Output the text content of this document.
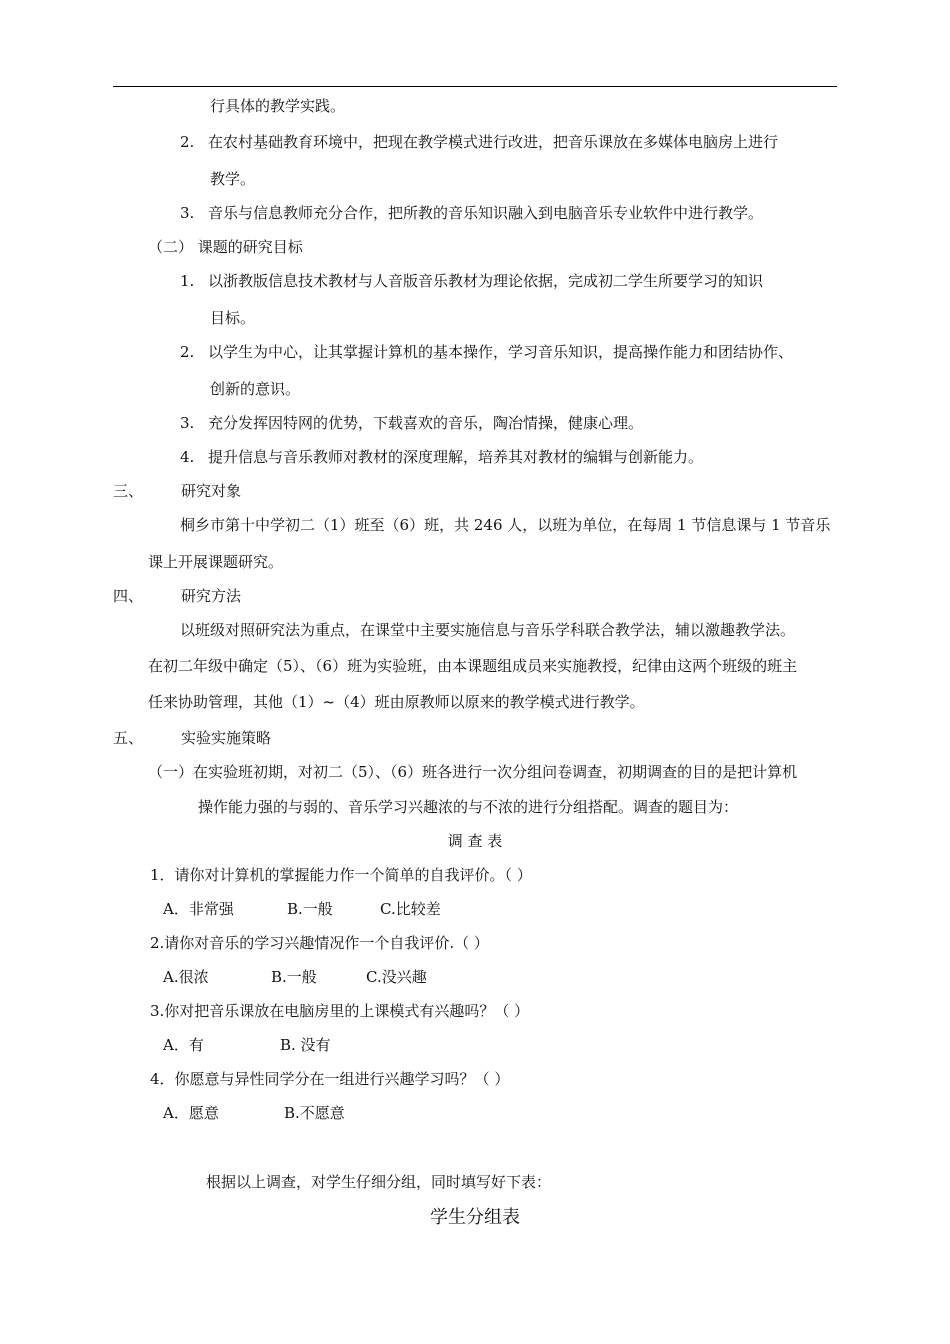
行具体的教学实践。
2. 在农村基础教育环境中，把现在教学模式进行改进，把音乐课放在多媒体电脑房上进行
教学。
3. 音乐与信息教师充分合作，把所教的音乐知识融入到电脑音乐专业软件中进行教学。
（二） 课题的研究目标
1. 以浙教版信息技术教材与人音版音乐教材为理论依据，完成初二学生所要学习的知识
目标。
2. 以学生为中心，让其掌握计算机的基本操作，学习音乐知识，提高操作能力和团结协作、
创新的意识。
3. 充分发挥因特网的优势，下载喜欢的音乐，陶冶情操，健康心理。
4. 提升信息与音乐教师对教材的深度理解，培养其对教材的编辑与创新能力。
三、	研究对象
桐乡市第十中学初二（1）班至（6）班，共 246 人，以班为单位，在每周 1 节信息课与 1 节音乐
课上开展课题研究。
四、	研究方法
以班级对照研究法为重点，在课堂中主要实施信息与音乐学科联合教学法，辅以激趣教学法。
在初二年级中确定（5）、（6）班为实验班，由本课题组成员来实施教授，纪律由这两个班级的班主
任来协助管理，其他（1）~（4）班由原教师以原来的教学模式进行教学。
五、	实验实施策略
（一）在实验班初期，对初二（5）、（6）班各进行一次分组问卷调查，初期调查的目的是把计算机
操作能力强的与弱的、音乐学习兴趣浓的与不浓的进行分组搭配。调查的题目为：
调 查 表
1．请你对计算机的掌握能力作一个简单的自我评价。（ ）
A．非常强	B.一般	C.比较差
2.请你对音乐的学习兴趣情况作一个自我评价.（ ）
A.很浓	B.一般	C.没兴趣
3.你对把音乐课放在电脑房里的上课模式有兴趣吗？（ ）
A．有	B. 没有
4．你愿意与异性同学分在一组进行兴趣学习吗？（ ）
A．愿意	B.不愿意
根据以上调查，对学生仔细分组，同时填写好下表：
学生分组表
